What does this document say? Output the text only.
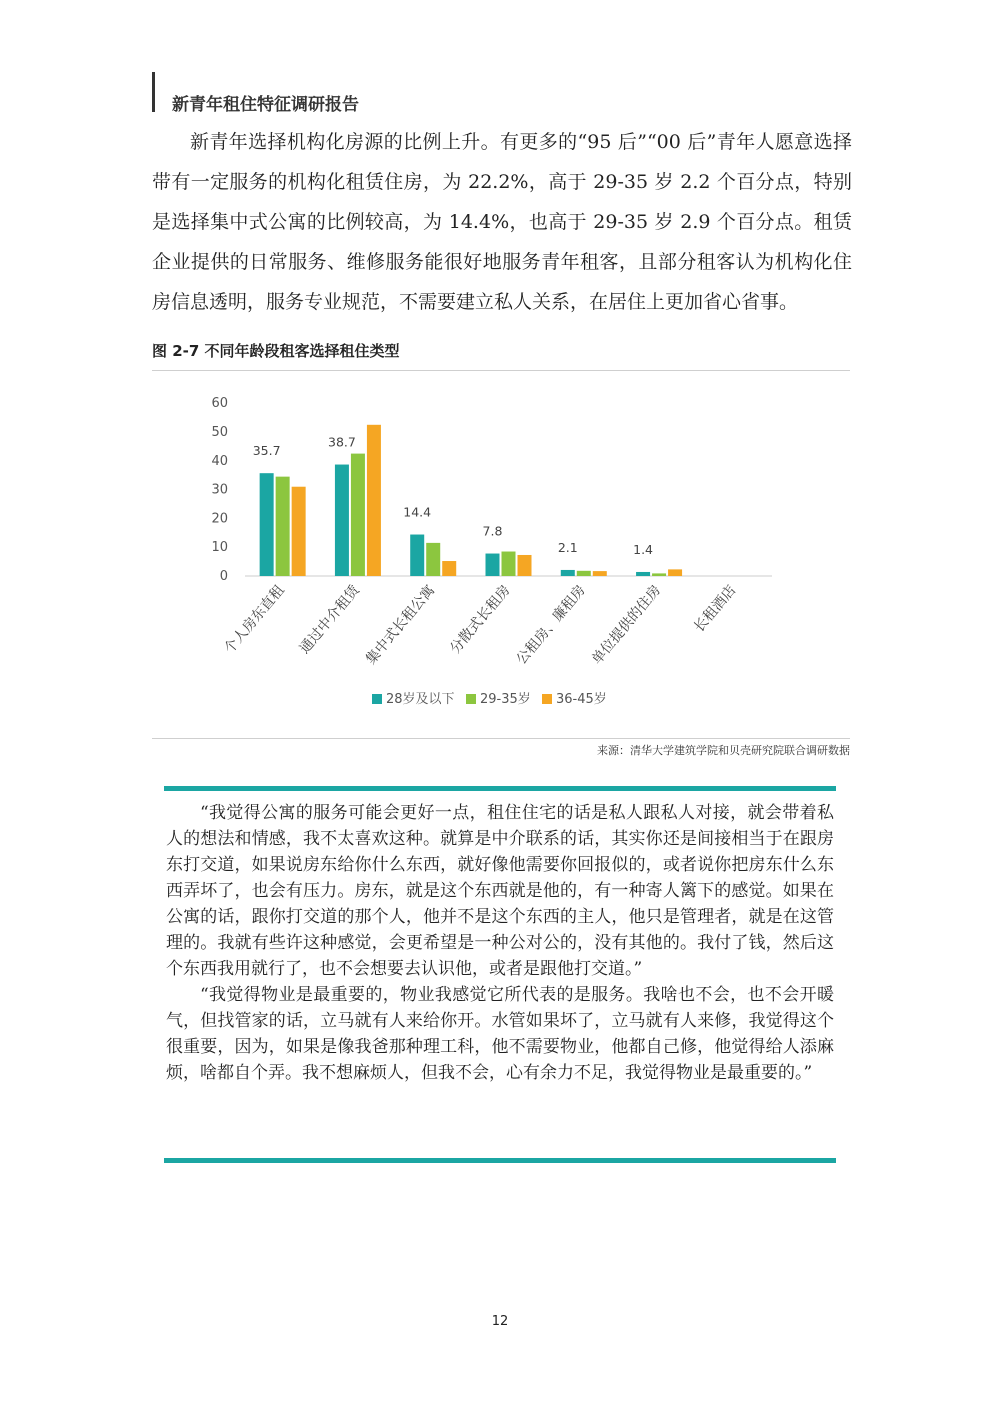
新青年租住特征调研报告

新青年选择机构化房源的比例上升。有更多的“95 后”“00 后”青年人愿意选择带有一定服务的机构化租赁住房，为 22.2%，高于 29-35 岁 2.2 个百分点，特别是选择集中式公寓的比例较高，为 14.4%，也高于 29-35 岁 2.9 个百分点。租赁企业提供的日常服务、维修服务能很好地服务青年租客，且部分租客认为机构化住房信息透明，服务专业规范，不需要建立私人关系，在居住上更加省心省事。

图 2-7 不同年龄段租客选择租住类型
0
10
20
30
40
50
60
35.7
个人房东直租
38.7
通过中介租赁
14.4
集中式长租公寓
7.8
分散式长租房
2.1
公租房、廉租房
1.4
单位提供的住房 长租酒店
28岁及以下 29-35岁 36-45岁
来源：清华大学建筑学院和贝壳研究院联合调研数据

“我觉得公寓的服务可能会更好一点，租住住宅的话是私人跟私人对接，就会带着私人的想法和情感，我不太喜欢这种。就算是中介联系的话，其实你还是间接相当于在跟房东打交道，如果说房东给你什么东西，就好像他需要你回报似的，或者说你把房东什么东西弄坏了，也会有压力。房东，就是这个东西就是他的，有一种寄人篱下的感觉。如果在公寓的话，跟你打交道的那个人，他并不是这个东西的主人，他只是管理者，就是在这管理的。我就有些许这种感觉，会更希望是一种公对公的，没有其他的。我付了钱，然后这个东西我用就行了，也不会想要去认识他，或者是跟他打交道。”

“我觉得物业是最重要的，物业我感觉它所代表的是服务。我啥也不会，也不会开暖气，但找管家的话，立马就有人来给你开。水管如果坏了，立马就有人来修，我觉得这个很重要，因为，如果是像我爸那种理工科，他不需要物业，他都自己修，他觉得给人添麻烦，啥都自个弄。我不想麻烦人，但我不会，心有余力不足，我觉得物业是最重要的。”

12
